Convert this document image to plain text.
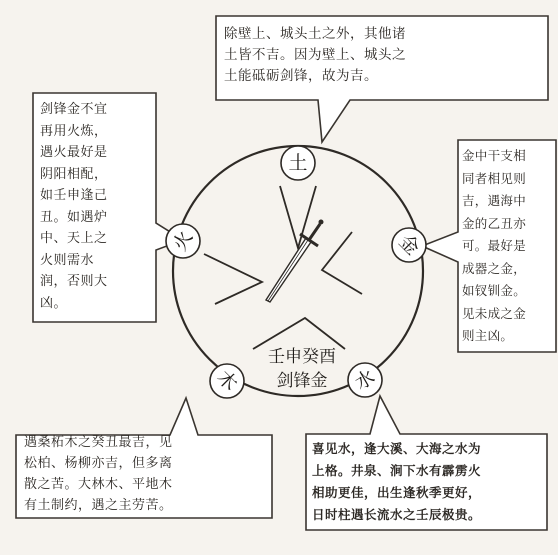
土
金
水
木
火
壬申癸酉
剑锋金

除壁上、城头土之外，其他诸
土皆不吉。因为壁上、城头之
土能砥砺剑锋，故为吉。

剑锋金不宜
再用火炼，
遇火最好是
阴阳相配，
如壬申逢己
丑。如遇炉
中、天上之
火则需水
润，否则大
凶。

金中干支相
同者相见则
吉，遇海中
金的乙丑亦
可。最好是
成器之金，
如钗钏金。
见未成之金
则主凶。

遇桑柘木之癸丑最吉，见
松柏、杨柳亦吉，但多离
散之苦。大林木、平地木
有土制约，遇之主劳苦。

喜见水，逢大溪、大海之水为
上格。井泉、涧下水有霹雳火
相助更佳，出生逢秋季更好，
日时柱遇长流水之壬辰极贵。
